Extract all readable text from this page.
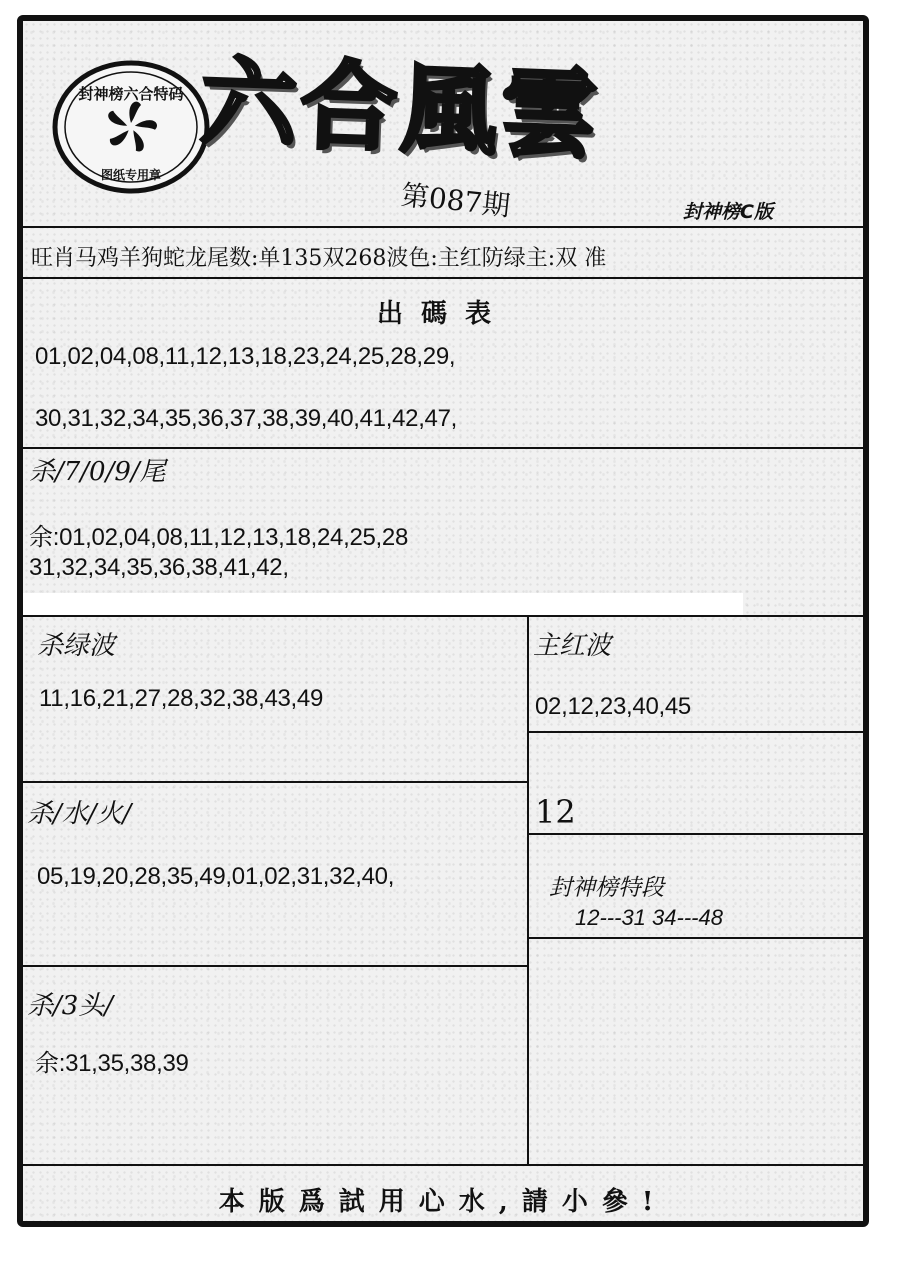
封神榜六合特码
图纸专用章
六合風雲
第087期	封神榜C版
旺肖马鸡羊狗蛇龙尾数:单135双268波色:主红防绿主:双 准
出碼表
01,02,04,08,11,12,13,18,23,24,25,28,29,
30,31,32,34,35,36,37,38,39,40,41,42,47,
杀/7/0/9/尾
余:01,02,04,08,11,12,13,18,24,25,28
31,32,34,35,36,38,41,42,
杀绿波
11,16,21,27,28,32,38,43,49
主红波
02,12,23,40,45
12
杀/水/火/
05,19,20,28,35,49,01,02,31,32,40,	封神榜特段
12---31 34---48
杀/3头/
余:31,35,38,39
本版爲試用心水,請小參!
